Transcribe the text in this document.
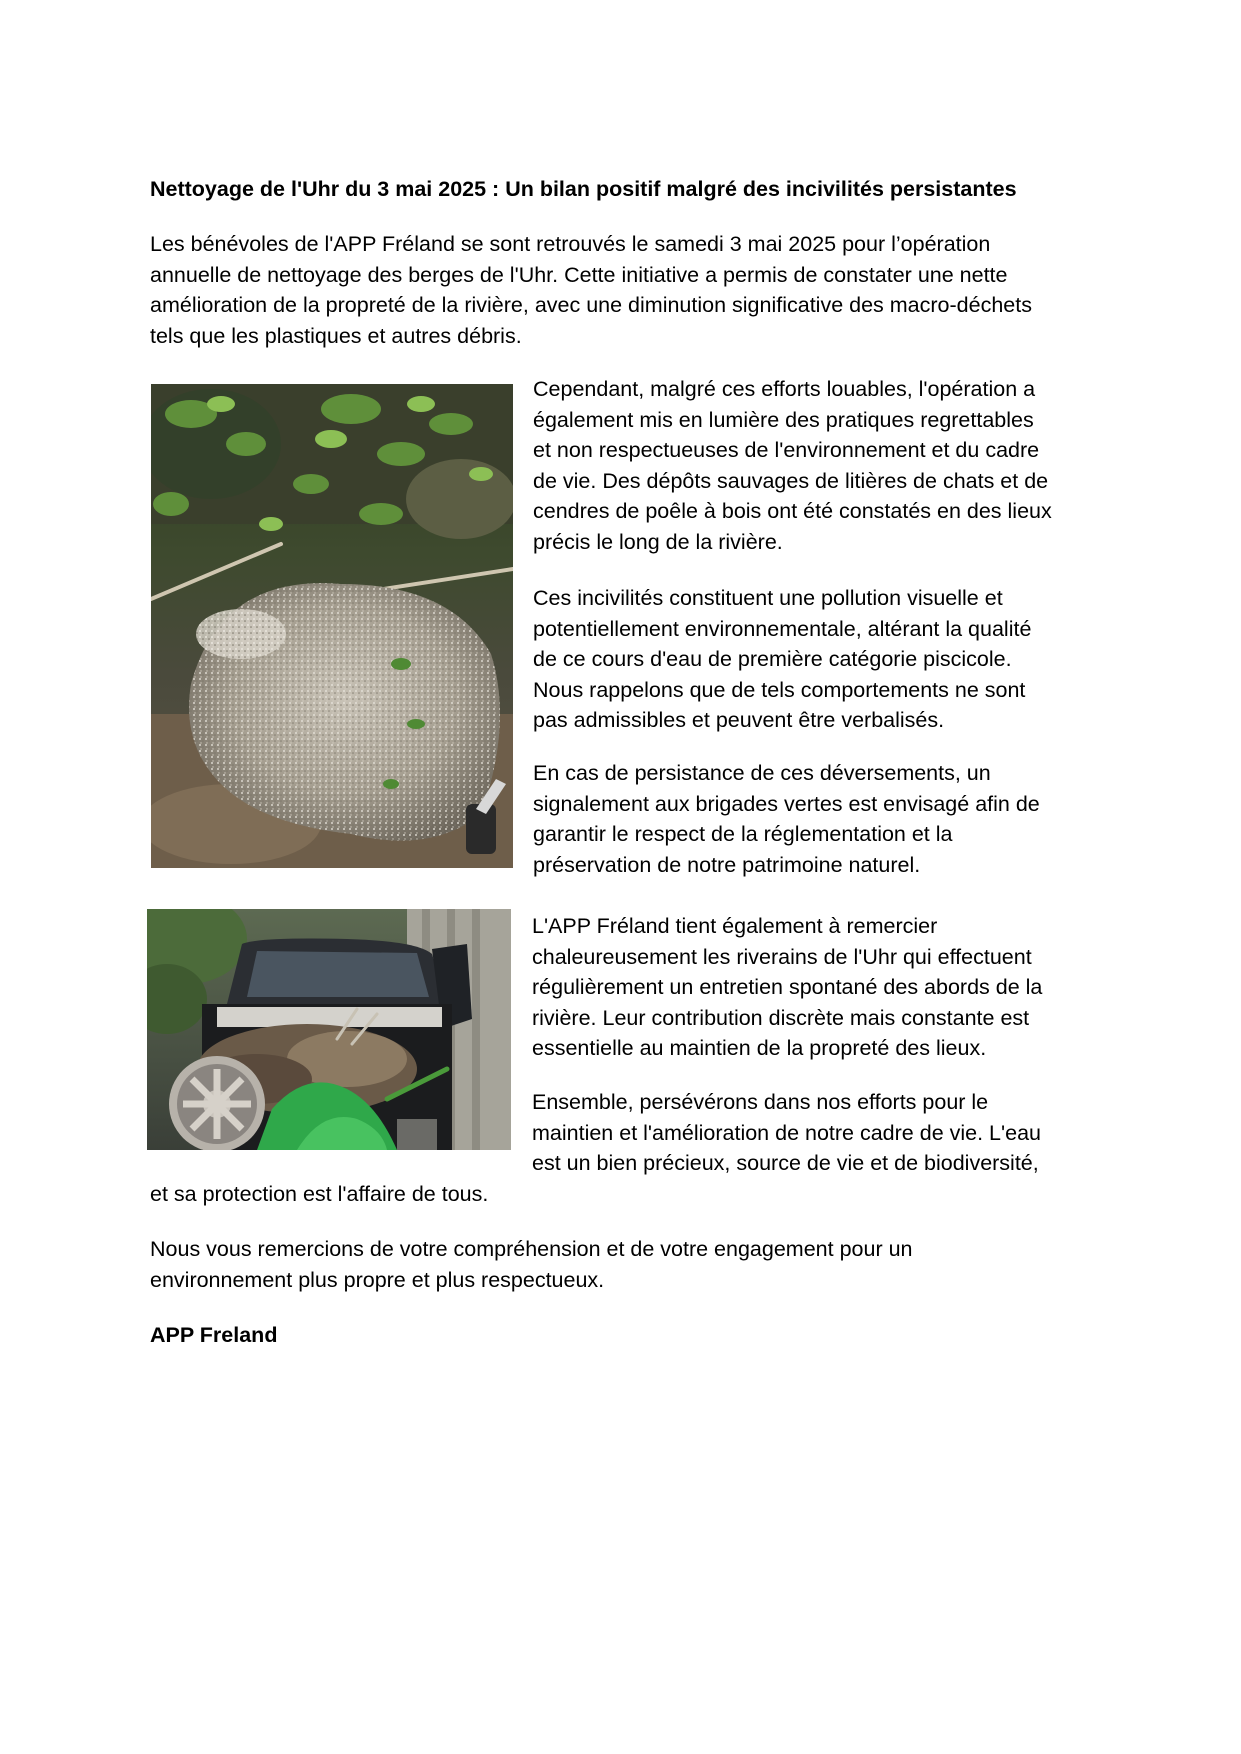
Nettoyage de l'Uhr du 3 mai 2025 : Un bilan positif malgré des incivilités persistantes

Les bénévoles de l'APP Fréland se sont retrouvés le samedi 3 mai 2025 pour l’opération
annuelle de nettoyage des berges de l'Uhr. Cette initiative a permis de constater une nette
amélioration de la propreté de la rivière, avec une diminution significative des macro-déchets
tels que les plastiques et autres débris.
Cependant, malgré ces efforts louables, l'opération a
également mis en lumière des pratiques regrettables
et non respectueuses de l'environnement et du cadre
de vie. Des dépôts sauvages de litières de chats et de
cendres de poêle à bois ont été constatés en des lieux
précis le long de la rivière.
Ces incivilités constituent une pollution visuelle et
potentiellement environnementale, altérant la qualité
de ce cours d'eau de première catégorie piscicole.
Nous rappelons que de tels comportements ne sont
pas admissibles et peuvent être verbalisés.
En cas de persistance de ces déversements, un
signalement aux brigades vertes est envisagé afin de
garantir le respect de la réglementation et la
préservation de notre patrimoine naturel.
L'APP Fréland tient également à remercier
chaleureusement les riverains de l'Uhr qui effectuent
régulièrement un entretien spontané des abords de la
rivière. Leur contribution discrète mais constante est
essentielle au maintien de la propreté des lieux.
Ensemble, persévérons dans nos efforts pour le
maintien et l'amélioration de notre cadre de vie. L'eau
est un bien précieux, source de vie et de biodiversité,

et sa protection est l'affaire de tous.

Nous vous remercions de votre compréhension et de votre engagement pour un
environnement plus propre et plus respectueux.

APP Freland
